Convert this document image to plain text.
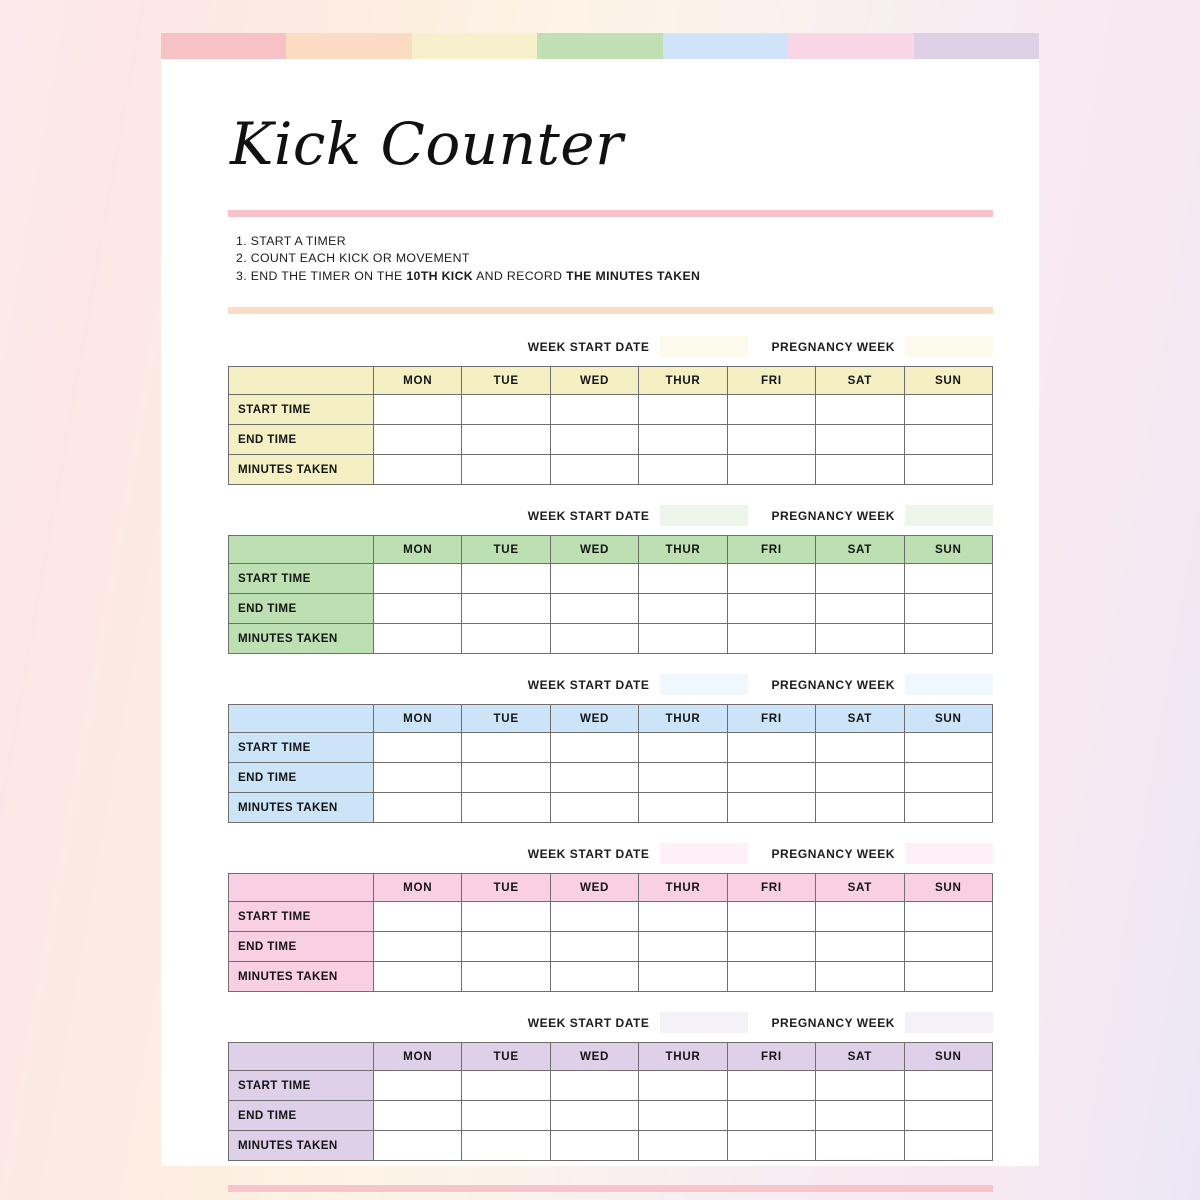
Kick Counter
1. START A TIMER
2. COUNT EACH KICK OR MOVEMENT
3. END THE TIMER ON THE 10TH KICK AND RECORD THE MINUTES TAKEN
WEEK START DATE	PREGNANCY WEEK
	MON	TUE	WED	THUR	FRI	SAT	SUN
START TIME							
END TIME							
MINUTES TAKEN							
WEEK START DATE	PREGNANCY WEEK
	MON	TUE	WED	THUR	FRI	SAT	SUN
START TIME							
END TIME							
MINUTES TAKEN							
WEEK START DATE	PREGNANCY WEEK
	MON	TUE	WED	THUR	FRI	SAT	SUN
START TIME							
END TIME							
MINUTES TAKEN							
WEEK START DATE	PREGNANCY WEEK
	MON	TUE	WED	THUR	FRI	SAT	SUN
START TIME							
END TIME							
MINUTES TAKEN							
WEEK START DATE	PREGNANCY WEEK
	MON	TUE	WED	THUR	FRI	SAT	SUN
START TIME							
END TIME							
MINUTES TAKEN							
